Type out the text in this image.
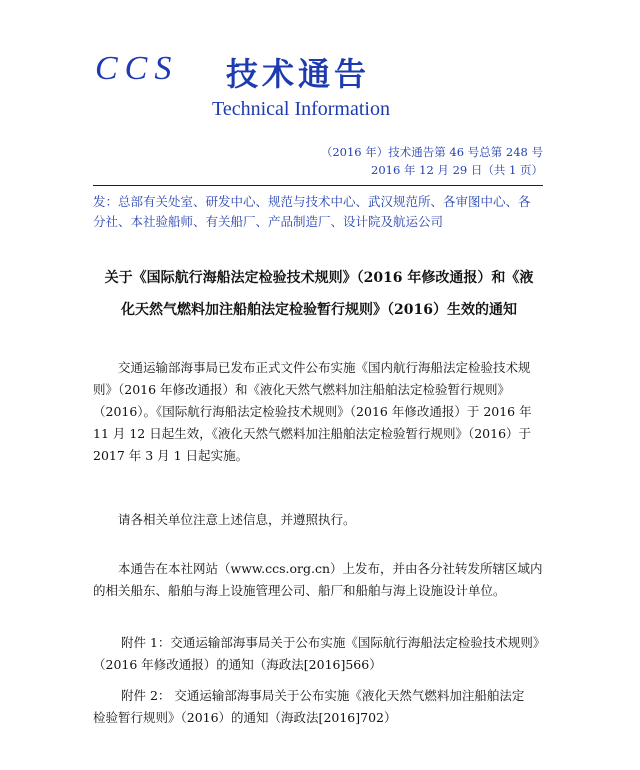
CCS 技术通告
Technical Information
（2016 年）技术通告第 46 号总第 248 号
2016 年 12 月 29 日（共 1 页）
发：总部有关处室、研发中心、规范与技术中心、武汉规范所、各审图中心、各
分社、本社验船师、有关船厂、产品制造厂、设计院及航运公司
关于《国际航行海船法定检验技术规则》（2016 年修改通报）和《液
化天然气燃料加注船舶法定检验暂行规则》（2016）生效的通知
交通运输部海事局已发布正式文件公布实施《国内航行海船法定检验技术规则》（2016 年修改通报）和《液化天然气燃料加注船舶法定检验暂行规则》（2016）。《国际航行海船法定检验技术规则》（2016 年修改通报）于 2016 年 11 月 12 日起生效，《液化天然气燃料加注船舶法定检验暂行规则》（2016）于 2017 年 3 月 1 日起实施。
请各相关单位注意上述信息，并遵照执行。
本通告在本社网站（www.ccs.org.cn）上发布，并由各分社转发所辖区域内的相关船东、船舶与海上设施管理公司、船厂和船舶与海上设施设计单位。
附件 1：交通运输部海事局关于公布实施《国际航行海船法定检验技术规则》
（2016 年修改通报）的通知（海政法[2016]566）
附件 2： 交通运输部海事局关于公布实施《液化天然气燃料加注船舶法定
检验暂行规则》（2016）的通知（海政法[2016]702）
